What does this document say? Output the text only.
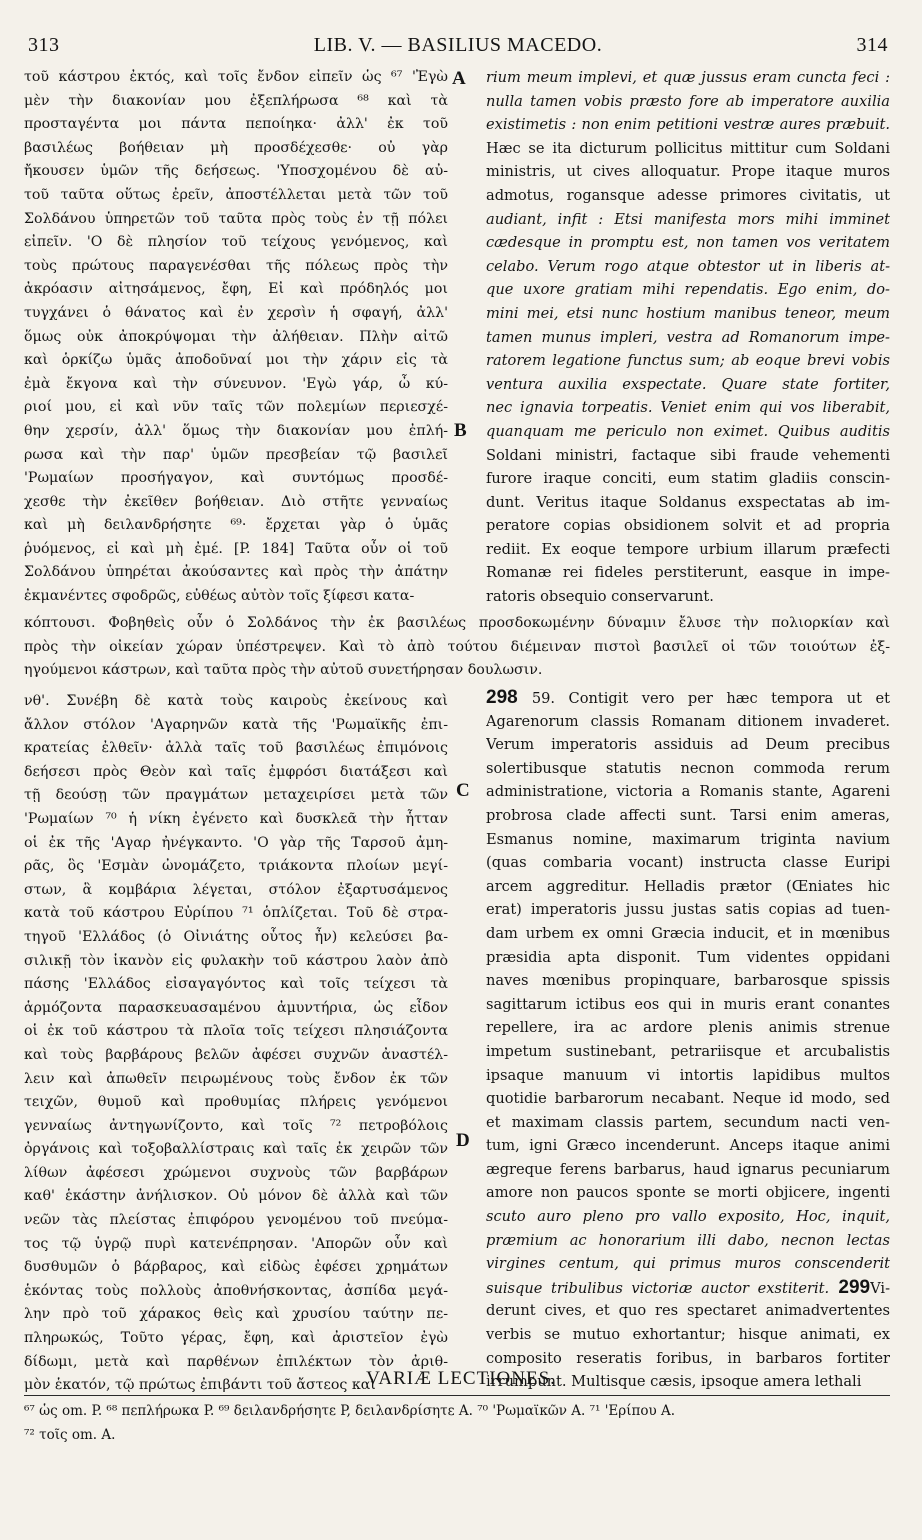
313	LIB. V. — BASILIUS MACEDO.	314
τοῦ κάστρου ἐκτός, καὶ τοῖς ἔνδον εἰπεῖν ὡς ⁶⁷ 'Ἐγὼ
μὲν τὴν διακονίαν μου ἐξεπλήρωσα ⁶⁸ καὶ τὰ
προσταγέντα μοι πάντα πεποίηκα· ἀλλ' ἐκ τοῦ
βασιλέως βοήθειαν μὴ προσδέχεσθε· οὐ γὰρ
ἤκουσεν ὑμῶν τῆς δεήσεως. 'Υποσχομένου δὲ αὐ-
τοῦ ταῦτα οὕτως ἐρεῖν, ἀποστέλλεται μετὰ τῶν τοῦ
Σολδάνου ὑπηρετῶν τοῦ ταῦτα πρὸς τοὺς ἐν τῇ πόλει
εἰπεῖν. 'Ο δὲ πλησίον τοῦ τείχους γενόμενος, καὶ
τοὺς πρώτους παραγενέσθαι τῆς πόλεως πρὸς τὴν
ἀκρόασιν αἰτησάμενος, ἔφη, Εἰ καὶ πρόδηλός μοι
τυγχάνει ὁ θάνατος καὶ ἐν χερσὶν ἡ σφαγή, ἀλλ'
ὅμως οὐκ ἀποκρύψομαι τὴν ἀλήθειαν. Πλὴν αἰτῶ
καὶ ὁρκίζω ὑμᾶς ἀποδοῦναί μοι τὴν χάριν εἰς τὰ
ἐμὰ ἔκγονα καὶ τὴν σύνευνον. 'Εγὼ γάρ, ὦ κύ-
ριοί μου, εἰ καὶ νῦν ταῖς τῶν πολεμίων περιεσχέ-
θην χερσίν, ἀλλ' ὅμως τὴν διακονίαν μου ἐπλή-
ρωσα καὶ τὴν παρ' ὑμῶν πρεσβείαν τῷ βασιλεῖ
'Ρωμαίων προσήγαγον, καὶ συντόμως προσδέ-
χεσθε τὴν ἐκεῖθεν βοήθειαν. Διὸ στῆτε γενναίως
καὶ μὴ δειλανδρήσητε ⁶⁹· ἔρχεται γὰρ ὁ ὑμᾶς
ῥυόμενος, εἰ καὶ μὴ ἐμέ. [P. 184] Ταῦτα οὖν οἱ τοῦ
Σολδάνου ὑπηρέται ἀκούσαντες καὶ πρὸς τὴν ἀπάτην
ἐκμανέντες σφοδρῶς, εὐθέως αὐτὸν τοῖς ξίφεσι κατα-
rium meum implevi, et quæ jussus eram cuncta feci :
nulla tamen vobis præsto fore ab imperatore auxilia
existimetis : non enim petitioni vestræ aures præbuit.
Hæc se ita dicturum pollicitus mittitur cum Soldani
ministris, ut cives alloquatur. Prope itaque muros
admotus, rogansque adesse primores civitatis, ut
audiant, infit : Etsi manifesta mors mihi imminet
cædesque in promptu est, non tamen vos veritatem
celabo. Verum rogo atque obtestor ut in liberis at-
que uxore gratiam mihi rependatis. Ego enim, do-
mini mei, etsi nunc hostium manibus teneor, meum
tamen munus impleri, vestra ad Romanorum impe-
ratorem legatione functus sum; ab eoque brevi vobis
ventura auxilia exspectate. Quare state fortiter,
nec ignavia torpeatis. Veniet enim qui vos liberabit,
quanquam me periculo non eximet. Quibus auditis
Soldani ministri, factaque sibi fraude vehementi
furore iraque conciti, eum statim gladiis conscin-
dunt. Veritus itaque Soldanus exspectatas ab im-
peratore copias obsidionem solvit et ad propria
rediit. Ex eoque tempore urbium illarum præfecti
Romanæ rei fideles perstiterunt, easque in impe-
ratoris obsequio conservarunt.
A
B
C
D
κόπτουσι. Φοβηθεὶς οὖν ὁ Σολδάνος τὴν ἐκ βασιλέως προσδοκωμένην δύναμιν ἔλυσε τὴν πολιορκίαν καὶ
πρὸς τὴν οἰκείαν χώραν ὑπέστρεψεν. Καὶ τὸ ἀπὸ τούτου διέμειναν πιστοὶ βασιλεῖ οἱ τῶν τοιούτων ἐξ-
ηγούμενοι κάστρων, καὶ ταῦτα πρὸς τὴν αὐτοῦ συνετήρησαν δουλωσιν.
νθ'. Συνέβη δὲ κατὰ τοὺς καιροὺς ἐκείνους καὶ
ἄλλον στόλον 'Αγαρηνῶν κατὰ τῆς 'Ρωμαϊκῆς ἐπι-
κρατείας ἐλθεῖν· ἀλλὰ ταῖς τοῦ βασιλέως ἐπιμόνοις
δεήσεσι πρὸς Θεὸν καὶ ταῖς ἐμφρόσι διατάξεσι καὶ
τῇ δεούσῃ τῶν πραγμάτων μεταχειρίσει μετὰ τῶν
'Ρωμαίων ⁷⁰ ἡ νίκη ἐγένετο καὶ δυσκλεᾶ τὴν ἧτταν
οἱ ἐκ τῆς 'Αγαρ ἠνέγκαντο. 'Ο γὰρ τῆς Ταρσοῦ ἀμη-
ρᾶς, ὃς 'Εσμὰν ὠνομάζετο, τριάκοντα πλοίων μεγί-
στων, ἃ κομβάρια λέγεται, στόλον ἐξαρτυσάμενος
κατὰ τοῦ κάστρου Εὐρίπου ⁷¹ ὁπλίζεται. Τοῦ δὲ στρα-
τηγοῦ 'Ελλάδος (ὁ Οἰνιάτης οὗτος ἦν) κελεύσει βα-
σιλικῇ τὸν ἱκανὸν εἰς φυλακὴν τοῦ κάστρου λαὸν ἀπὸ
πάσης 'Ελλάδος εἰσαγαγόντος καὶ τοῖς τείχεσι τὰ
ἁρμόζοντα παρασκευασαμένου ἀμυντήρια, ὡς εἶδον
οἱ ἐκ τοῦ κάστρου τὰ πλοῖα τοῖς τείχεσι πλησιάζοντα
καὶ τοὺς βαρβάρους βελῶν ἀφέσει συχνῶν ἀναστέλ-
λειν καὶ ἀπωθεῖν πειρωμένους τοὺς ἔνδον ἐκ τῶν
τειχῶν, θυμοῦ καὶ προθυμίας πλήρεις γενόμενοι
γενναίως ἀντηγωνίζοντο, καὶ τοῖς ⁷² πετροβόλοις
ὀργάνοις καὶ τοξοβαλλίστραις καὶ ταῖς ἐκ χειρῶν τῶν
λίθων ἀφέσεσι χρώμενοι συχνοὺς τῶν βαρβάρων
καθ' ἑκάστην ἀνήλισκον. Οὐ μόνον δὲ ἀλλὰ καὶ τῶν
νεῶν τὰς πλείστας ἐπιφόρου γενομένου τοῦ πνεύμα-
τος τῷ ὑγρῷ πυρὶ κατενέπρησαν. 'Απορῶν οὖν καὶ
δυσθυμῶν ὁ βάρβαρος, καὶ εἰδὼς ἐφέσει χρημάτων
ἑκόντας τοὺς πολλοὺς ἀποθνήσκοντας, ἀσπίδα μεγά-
λην πρὸ τοῦ χάρακος θεὶς καὶ χρυσίου ταύτην πε-
πληρωκώς, Τοῦτο γέρας, ἔφη, καὶ ἀριστεῖον ἐγὼ
δίδωμι, μετὰ καὶ παρθένων ἐπιλέκτων τὸν ἀριθ-
μὸν ἑκατόν, τῷ πρώτως ἐπιβάντι τοῦ ἄστεος καὶ
298 59. Contigit vero per hæc tempora ut et
Agarenorum classis Romanam ditionem invaderet.
Verum imperatoris assiduis ad Deum precibus
solertibusque statutis necnon commoda rerum
administratione, victoria a Romanis stante, Agareni
probrosa clade affecti sunt. Tarsi enim ameras,
Esmanus nomine, maximarum triginta navium
(quas combaria vocant) instructa classe Euripi
arcem aggreditur. Helladis prætor (Œniates hic
erat) imperatoris jussu justas satis copias ad tuen-
dam urbem ex omni Græcia inducit, et in mœnibus
præsidia apta disponit. Tum videntes oppidani
naves mœnibus propinquare, barbarosque spissis
sagittarum ictibus eos qui in muris erant conantes
repellere, ira ac ardore plenis animis strenue
impetum sustinebant, petrariisque et arcubalistis
ipsaque manuum vi intortis lapidibus multos
quotidie barbarorum necabant. Neque id modo, sed
et maximam classis partem, secundum nacti ven-
tum, igni Græco incenderunt. Anceps itaque animi
ægreque ferens barbarus, haud ignarus pecuniarum
amore non paucos sponte se morti objicere, ingenti
scuto auro pleno pro vallo exposito, Hoc, inquit,
præmium ac honorarium illi dabo, necnon lectas
virgines centum, qui primus muros conscenderit
suisque tribulibus victoriæ auctor exstiterit. 299Vi-
derunt cives, et quo res spectaret animadvertentes
verbis se mutuo exhortantur; hisque animati, ex
composito reseratis foribus, in barbaros fortiter
irrumpunt. Multisque cæsis, ipsoque amera lethali
VARIÆ LECTIONES.
⁶⁷ ὡς om. P. ⁶⁸ πεπλήρωκα P. ⁶⁹ δειλανδρήσητε P, δειλανδρίσητε A. ⁷⁰ 'Ρωμαϊκῶν A. ⁷¹ 'Ερίπου A.
⁷² τοῖς om. A.
